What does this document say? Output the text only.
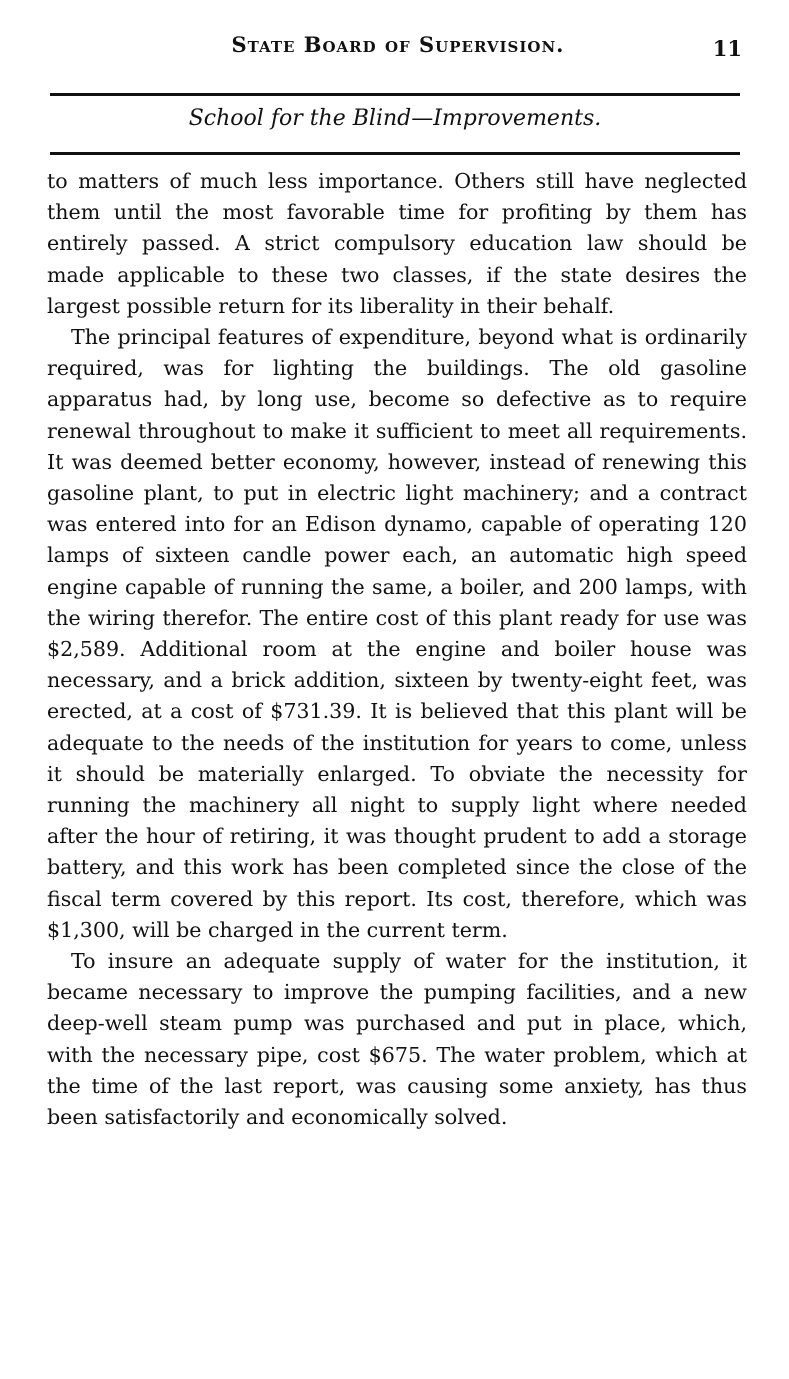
State Board of Supervision.	11
School for the Blind—Improvements.

to matters of much less importance. Others still have neglected them until the most favorable time for profiting by them has entirely passed. A strict compulsory education law should be made applicable to these two classes, if the state desires the largest possible return for its liberality in their behalf.

The principal features of expenditure, beyond what is ordinarily required, was for lighting the buildings. The old gasoline apparatus had, by long use, become so defective as to require renewal throughout to make it sufficient to meet all requirements. It was deemed better economy, however, instead of renewing this gasoline plant, to put in electric light machinery; and a contract was entered into for an Edison dynamo, capable of operating 120 lamps of sixteen candle power each, an automatic high speed engine capable of running the same, a boiler, and 200 lamps, with the wiring therefor. The entire cost of this plant ready for use was $2,589. Additional room at the engine and boiler house was necessary, and a brick addition, sixteen by twenty-eight feet, was erected, at a cost of $731.39. It is believed that this plant will be adequate to the needs of the institution for years to come, unless it should be materially enlarged. To obviate the necessity for running the machinery all night to supply light where needed after the hour of retiring, it was thought prudent to add a storage battery, and this work has been completed since the close of the fiscal term covered by this report. Its cost, therefore, which was $1,300, will be charged in the current term.

To insure an adequate supply of water for the institution, it became necessary to improve the pumping facilities, and a new deep-well steam pump was purchased and put in place, which, with the necessary pipe, cost $675. The water problem, which at the time of the last report, was causing some anxiety, has thus been satisfactorily and economically solved.
